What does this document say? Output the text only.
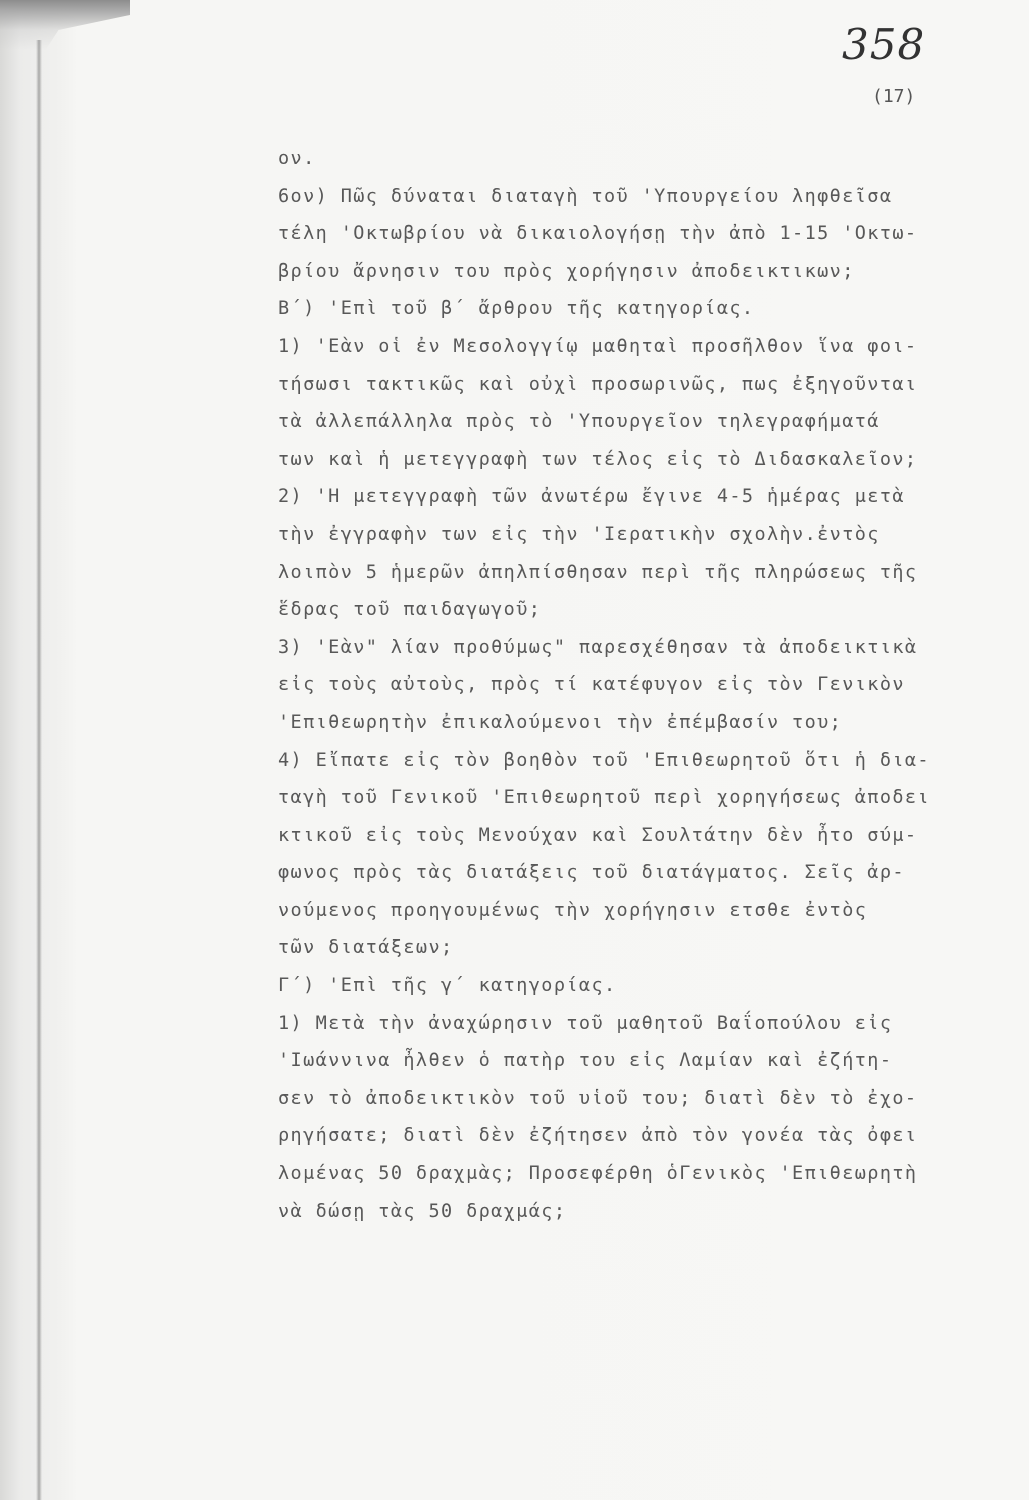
358
(17)
ον.
6ον) Πῶς δύναται διαταγὴ τοῦ 'Υπουργείου ληφθεῖσα
τέλη 'Οκτωβρίου νὰ δικαιολογήσῃ τὴν ἀπὸ 1-15 'Οκτω-
βρίου ἄρνησιν του πρὸς χορήγησιν ἀποδεικτικων;
Β΄) 'Επὶ τοῦ β΄ ἄρθρου τῆς κατηγορίας.
1) 'Εὰν οἱ ἐν Μεσολογγίῳ μαθηταὶ προσῆλθον ἵνα φοι-
τήσωσι τακτικῶς καὶ οὐχὶ προσωρινῶς, πως ἐξηγοῦνται
τὰ ἀλλεπάλληλα πρὸς τὸ 'Υπουργεῖον τηλεγραφήματά
των καὶ ἡ μετεγγραφὴ των τέλος εἰς τὸ Διδασκαλεῖον;
2) 'Η μετεγγραφὴ τῶν ἀνωτέρω ἔγινε 4-5 ἡμέρας μετὰ
τὴν ἐγγραφὴν των εἰς τὴν 'Ιερατικὴν σχολὴν.ἐντὸς
λοιπὸν 5 ἡμερῶν ἀπηλπίσθησαν περὶ τῆς πληρώσεως τῆς
ἕδρας τοῦ παιδαγωγοῦ;
3) 'Εὰν" λίαν προθύμως" παρεσχέθησαν τὰ ἀποδεικτικὰ
εἰς τοὺς αὐτοὺς, πρὸς τί κατέφυγον εἰς τὸν Γενικὸν
'Επιθεωρητὴν ἐπικαλούμενοι τὴν ἐπέμβασίν του;
4) Εἴπατε εἰς τὸν βοηθὸν τοῦ 'Επιθεωρητοῦ ὅτι ἡ δια-
ταγὴ τοῦ Γενικοῦ 'Επιθεωρητοῦ περὶ χορηγήσεως ἀποδει
κτικοῦ εἰς τοὺς Μενούχαν καὶ Σουλτάτην δὲν ἦτο σύμ-
φωνος πρὸς τὰς διατάξεις τοῦ διατάγματος. Σεῖς ἀρ-
νούμενος προηγουμένως τὴν χορήγησιν ετσθε ἐντὸς
τῶν διατάξεων;
Γ΄) 'Επὶ τῆς γ΄ κατηγορίας.
1) Μετὰ τὴν ἀναχώρησιν τοῦ μαθητοῦ Βαΐοπούλου εἰς
'Ιωάννινα ἦλθεν ὁ πατὴρ του εἰς Λαμίαν καὶ ἐζήτη-
σεν τὸ ἀποδεικτικὸν τοῦ υἱοῦ του; διατὶ δὲν τὸ ἐχο-
ρηγήσατε; διατὶ δὲν ἐζήτησεν ἀπὸ τὸν γονέα τὰς ὀφει
λομένας 50 δραχμὰς; Προσεφέρθη ὁΓενικὸς 'Επιθεωρητὴ
νὰ δώσῃ τὰς 50 δραχμάς;
